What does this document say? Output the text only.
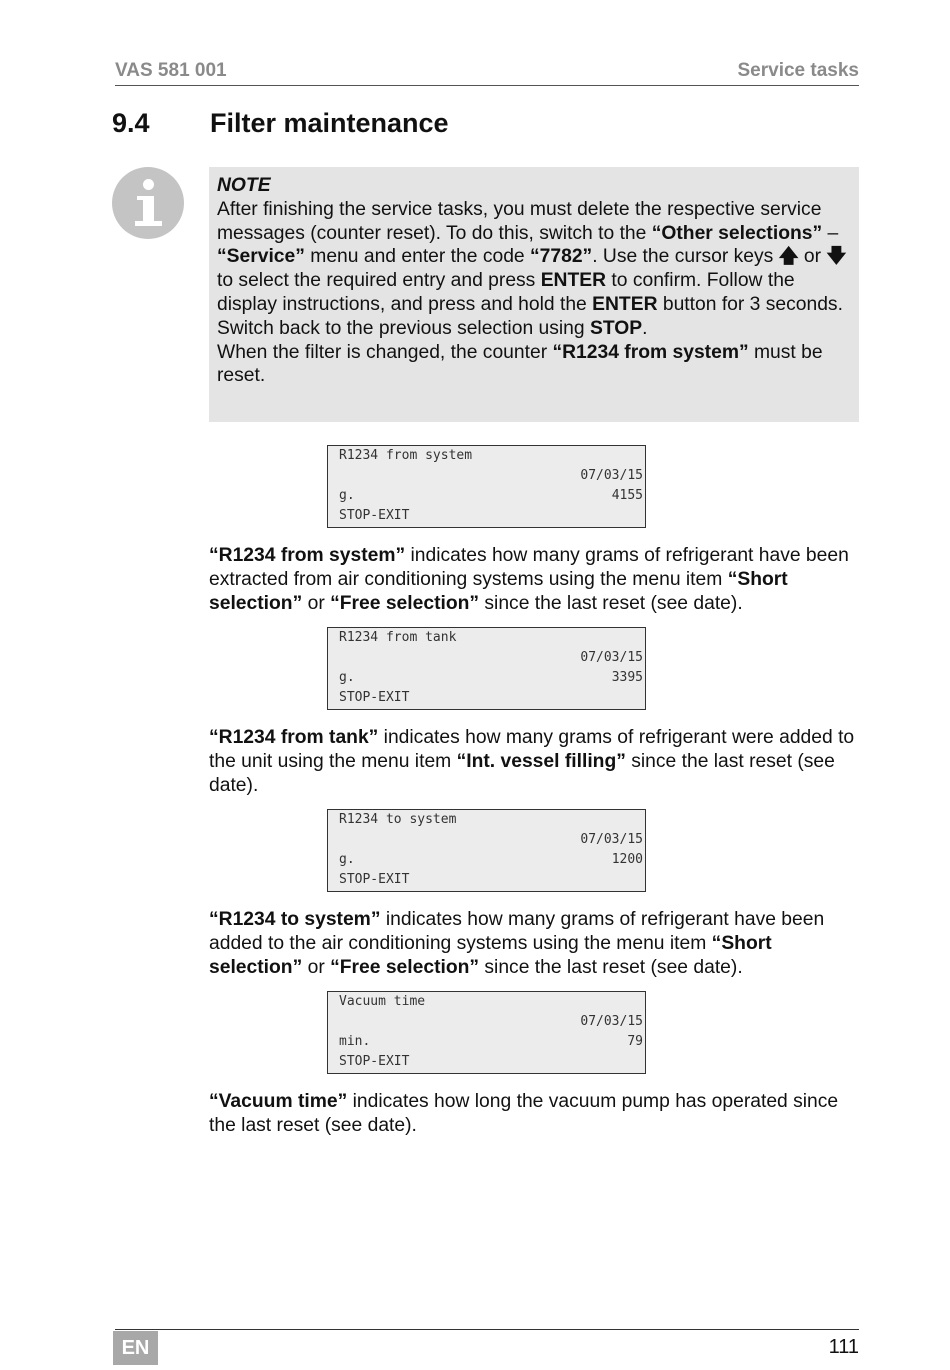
VAS 581 001	Service tasks
9.4 Filter maintenance
NOTE
After finishing the service tasks, you must delete the respective service messages (counter reset). To do this, switch to the “Other selections” – “Service” menu and enter the code “7782”. Use the cursor keys 🡅 or 🡇 to select the required entry and press ENTER to confirm. Follow the display instructions, and press and hold the ENTER button for 3 seconds. Switch back to the previous selection using STOP.
When the filter is changed, the counter “R1234 from system” must be reset.
R1234 from system
07/03/15
g.	4155
STOP-EXIT
“R1234 from system” indicates how many grams of refrigerant have been extracted from air conditioning systems using the menu item “Short selection” or “Free selection” since the last reset (see date).
R1234 from tank
07/03/15
g.	3395
STOP-EXIT
“R1234 from tank” indicates how many grams of refrigerant were added to the unit using the menu item “Int. vessel filling” since the last reset (see date).
R1234 to system
07/03/15
g.	1200
STOP-EXIT
“R1234 to system” indicates how many grams of refrigerant have been added to the air conditioning systems using the menu item “Short selection” or “Free selection” since the last reset (see date).
Vacuum time
07/03/15
min.	79
STOP-EXIT
“Vacuum time” indicates how long the vacuum pump has operated since the last reset (see date).
EN	111
